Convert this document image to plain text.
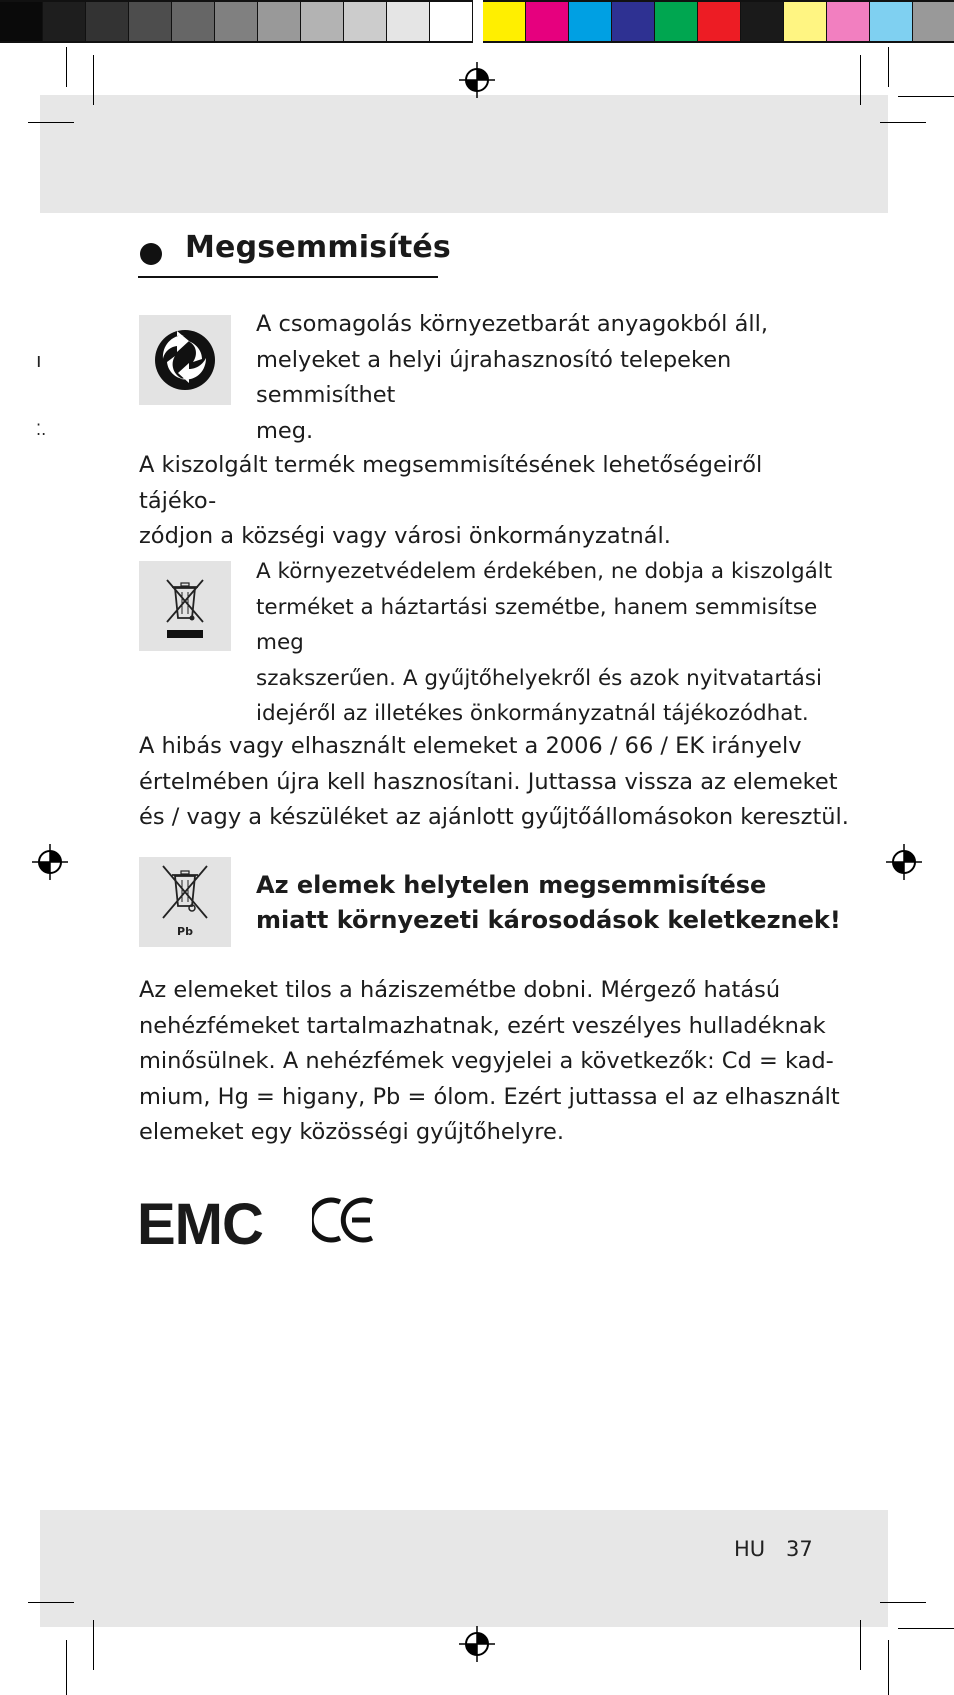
ı
⁚.
Megsemmisítés
A csomagolás környezetbarát anyagokból áll,
melyeket a helyi újrahasznosító telepeken semmisíthet
meg.
A kiszolgált termék megsemmisítésének lehetőségeiről tájéko-
zódjon a községi vagy városi önkormányzatnál.
A környezetvédelem érdekében, ne dobja a kiszolgált
terméket a háztartási szemétbe, hanem semmisítse meg
szakszerűen. A gyűjtőhelyekről és azok nyitvatartási
idejéről az illetékes önkormányzatnál tájékozódhat.
A hibás vagy elhasznált elemeket a 2006 / 66 / EK irányelv
értelmében újra kell hasznosítani. Juttassa vissza az elemeket
és / vagy a készüléket az ajánlott gyűjtőállomásokon keresztül.
Pb
Az elemek helytelen megsemmisítése
miatt környezeti károsodások keletkeznek!
Az elemeket tilos a háziszemétbe dobni. Mérgező hatású
nehézfémeket tartalmazhatnak, ezért veszélyes hulladéknak
minősülnek. A nehézfémek vegyjelei a következők: Cd = kad-
mium, Hg = higany, Pb = ólom. Ezért juttassa el az elhasznált
elemeket egy közösségi gyűjtőhelyre.
EMC
HU 37
